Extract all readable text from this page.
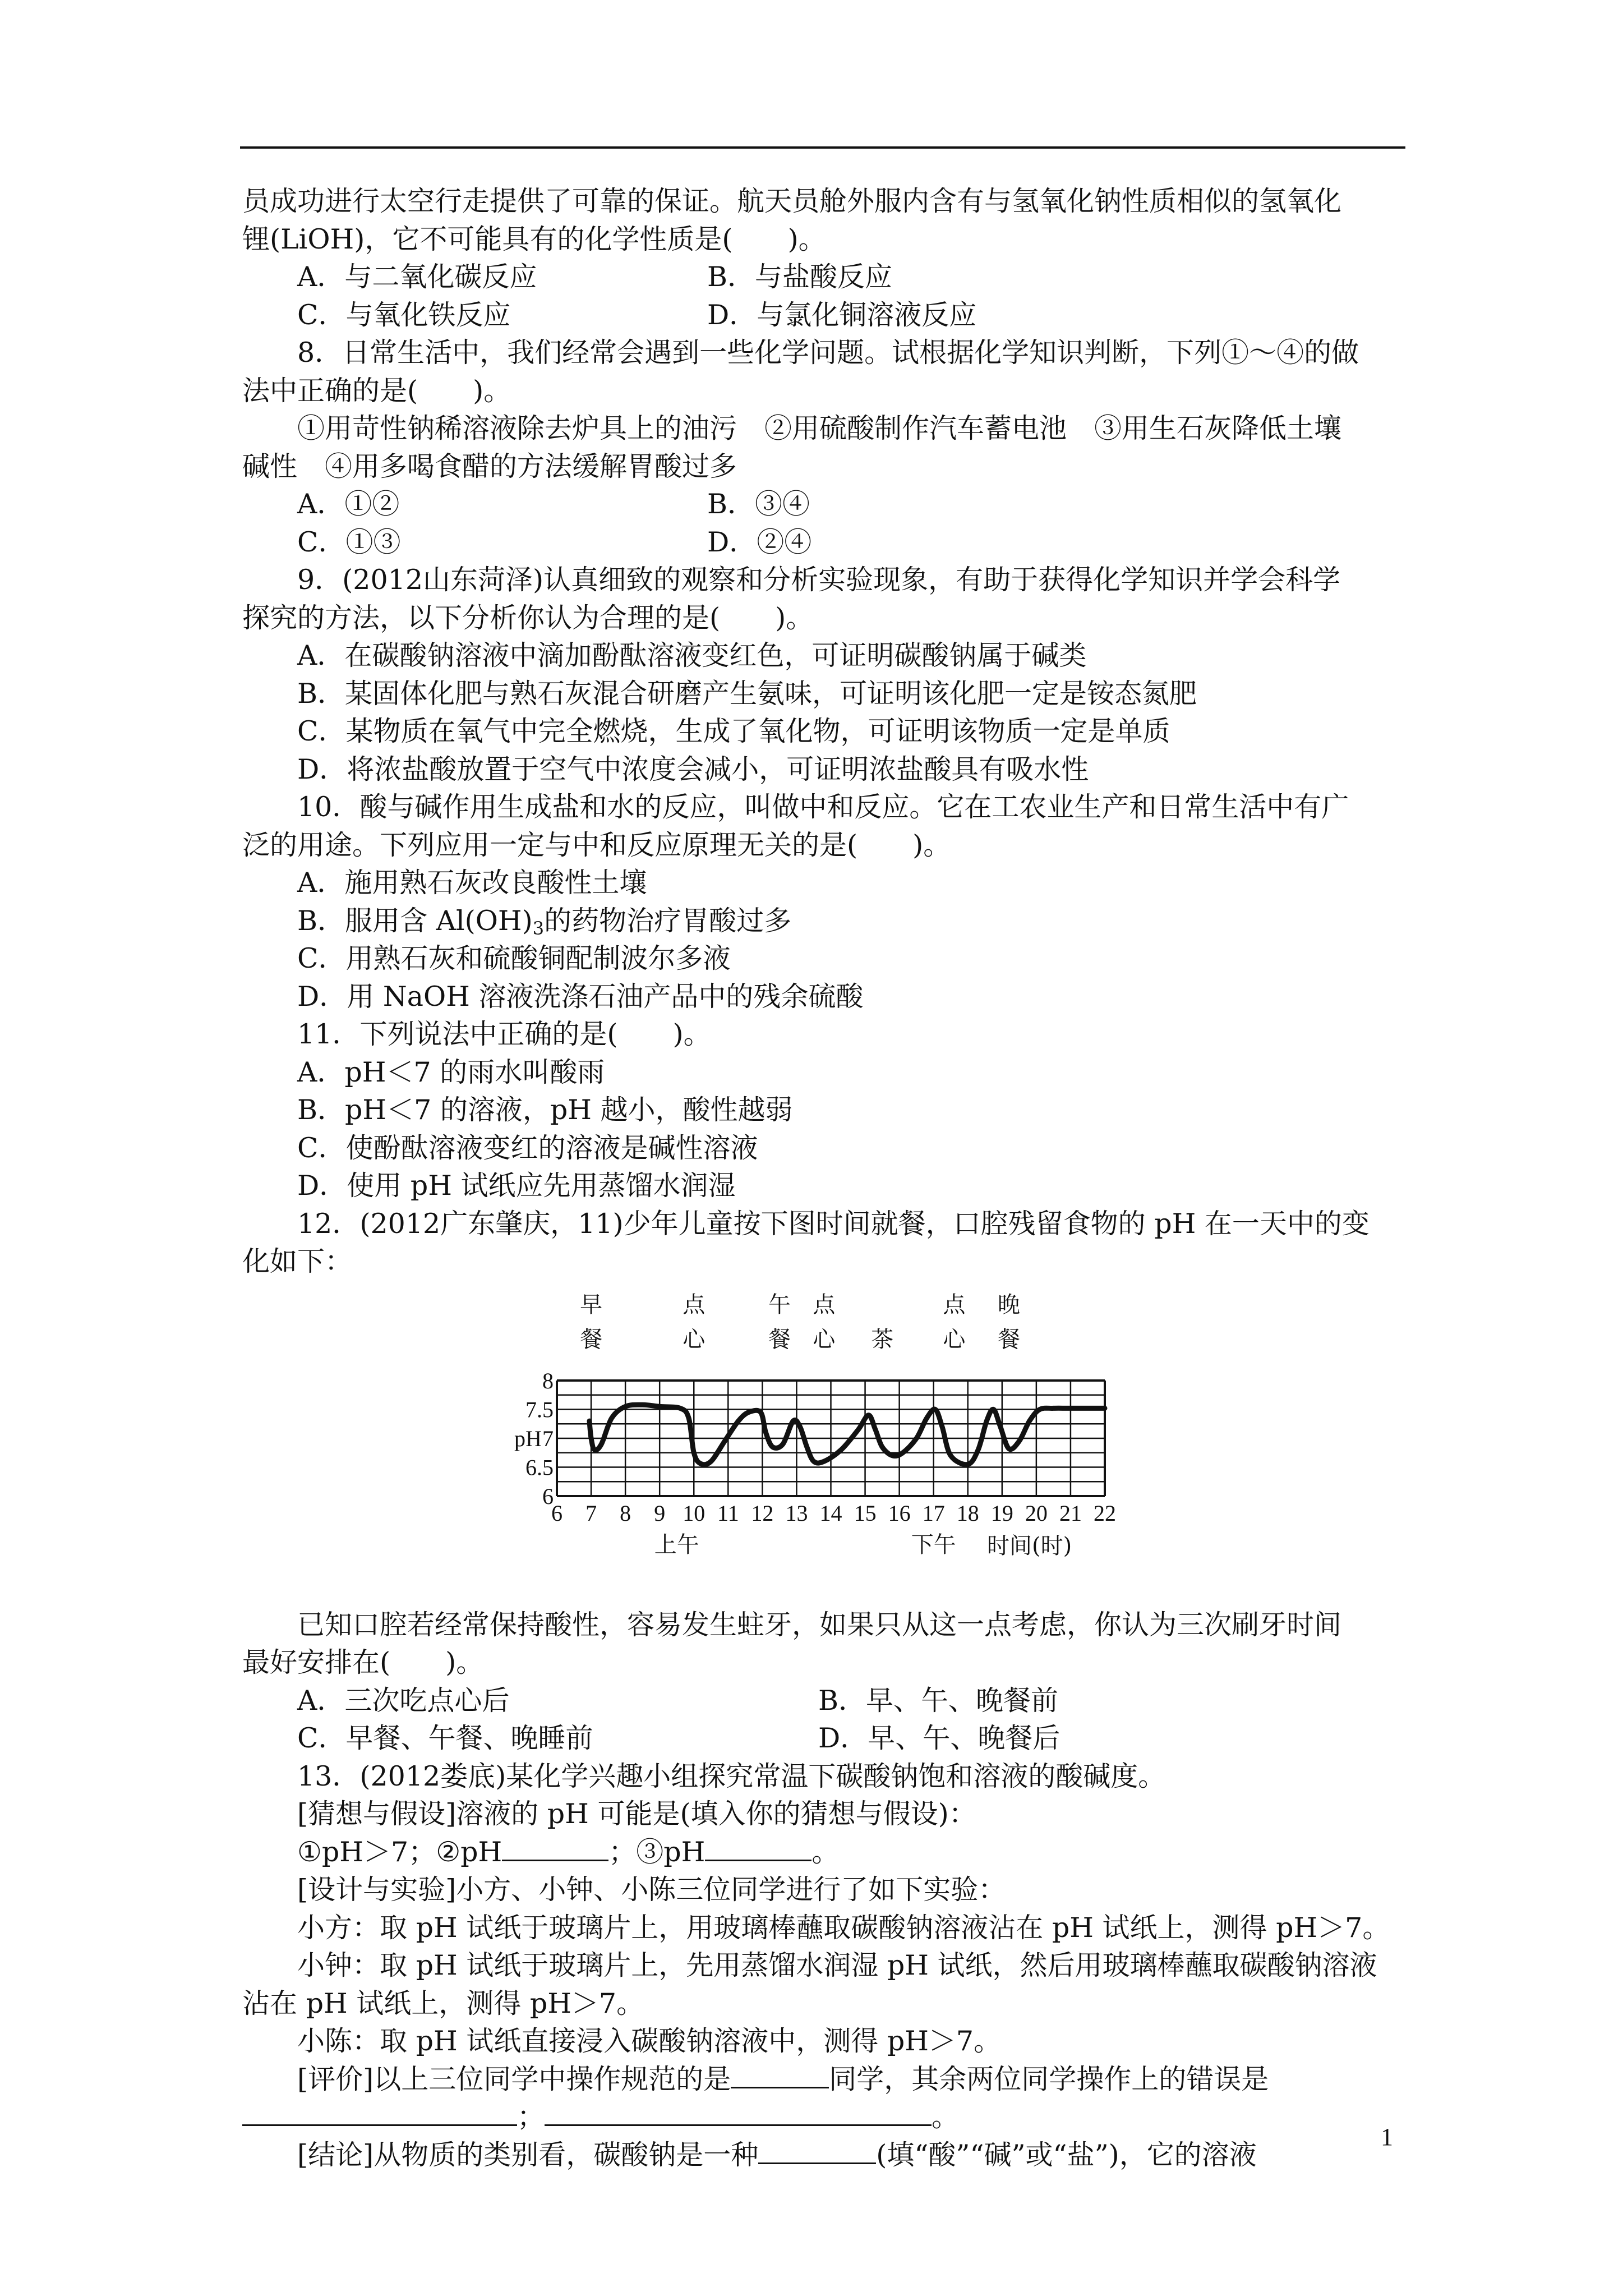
员成功进行太空行走提供了可靠的保证。航天员舱外服内含有与氢氧化钠性质相似的氢氧化
锂(LiOH)，它不可能具有的化学性质是(　　)。
A．与二氧化碳反应	B．与盐酸反应
C．与氧化铁反应	D．与氯化铜溶液反应
8．日常生活中，我们经常会遇到一些化学问题。试根据化学知识判断，下列①～④的做
法中正确的是(　　)。
①用苛性钠稀溶液除去炉具上的油污　②用硫酸制作汽车蓄电池　③用生石灰降低土壤
碱性　④用多喝食醋的方法缓解胃酸过多
A．①②	B．③④
C．①③	D．②④
9．(2012山东菏泽)认真细致的观察和分析实验现象，有助于获得化学知识并学会科学
探究的方法，以下分析你认为合理的是(　　)。
A．在碳酸钠溶液中滴加酚酞溶液变红色，可证明碳酸钠属于碱类
B．某固体化肥与熟石灰混合研磨产生氨味，可证明该化肥一定是铵态氮肥
C．某物质在氧气中完全燃烧，生成了氧化物，可证明该物质一定是单质
D．将浓盐酸放置于空气中浓度会减小，可证明浓盐酸具有吸水性
10．酸与碱作用生成盐和水的反应，叫做中和反应。它在工农业生产和日常生活中有广
泛的用途。下列应用一定与中和反应原理无关的是(　　)。
A．施用熟石灰改良酸性土壤
B．服用含 $Al(OH)_3$的药物治疗胃酸过多
C．用熟石灰和硫酸铜配制波尔多液
D．用 NaOH 溶液洗涤石油产品中的残余硫酸
11．下列说法中正确的是(　　)。
A．pH＜7 的雨水叫酸雨
B．pH＜7 的溶液，pH 越小，酸性越弱
C．使酚酞溶液变红的溶液是碱性溶液
D．使用 pH 试纸应先用蒸馏水润湿
12．(2012广东肇庆，11)少年儿童按下图时间就餐，口腔残留食物的 pH 在一天中的变
化如下：
6 7 8 9 10 11 12 13 14 15 16 17 18 19 20 21 22
6
6.5
7
7.5
8
pH
上午	下午 时间(时)
早
餐
点
心
午
餐
点
心 茶
点
心
晚
餐
已知口腔若经常保持酸性，容易发生蛀牙，如果只从这一点考虑，你认为三次刷牙时间
最好安排在(　　)。
A．三次吃点心后	B．早、午、晚餐前
C．早餐、午餐、晚睡前	D．早、午、晚餐后
13．(2012娄底)某化学兴趣小组探究常温下碳酸钠饱和溶液的酸碱度。
[猜想与假设]溶液的 pH 可能是(填入你的猜想与假设)：
①pH＞7；②pH	；③pH	。
[设计与实验]小方、小钟、小陈三位同学进行了如下实验：
小方：取 pH 试纸于玻璃片上，用玻璃棒蘸取碳酸钠溶液沾在 pH 试纸上，测得 pH＞7。
小钟：取 pH 试纸于玻璃片上，先用蒸馏水润湿 pH 试纸，然后用玻璃棒蘸取碳酸钠溶液
沾在 pH 试纸上，测得 pH＞7。
小陈：取 pH 试纸直接浸入碳酸钠溶液中，测得 pH＞7。
[评价]以上三位同学中操作规范的是	同学，其余两位同学操作上的错误是
；	。
[结论]从物质的类别看，碳酸钠是一种	(填“酸”“碱”或“盐”)，它的溶液
1
